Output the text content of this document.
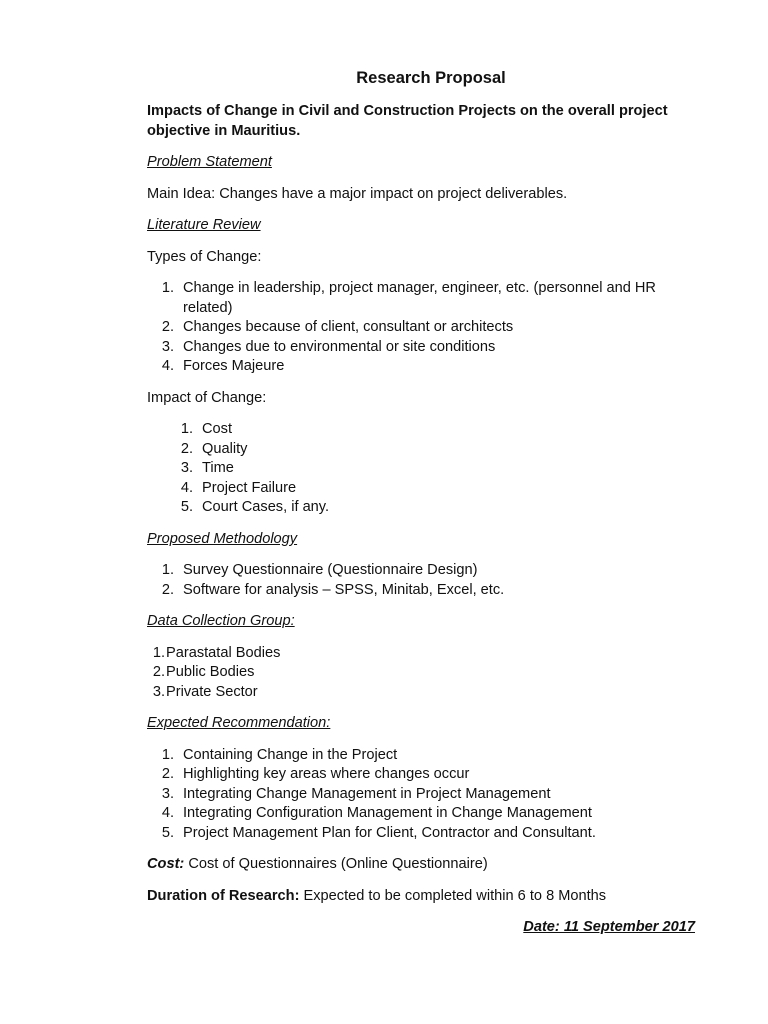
Research Proposal
Impacts of Change in Civil and Construction Projects on the overall project objective in Mauritius.
Problem Statement
Main Idea: Changes have a major impact on project deliverables.
Literature Review
Types of Change:
1. Change in leadership, project manager, engineer, etc. (personnel and HR related)
2. Changes because of client, consultant or architects
3. Changes due to environmental or site conditions
4. Forces Majeure
Impact of Change:
1. Cost
2. Quality
3. Time
4. Project Failure
5. Court Cases, if any.
Proposed Methodology
1. Survey Questionnaire (Questionnaire Design)
2. Software for analysis – SPSS, Minitab, Excel, etc.
Data Collection Group:
1. Parastatal Bodies
2. Public Bodies
3. Private Sector
Expected Recommendation:
1. Containing Change in the Project
2. Highlighting key areas where changes occur
3. Integrating Change Management in Project Management
4. Integrating Configuration Management in Change Management
5. Project Management Plan for Client, Contractor and Consultant.
Cost: Cost of Questionnaires (Online Questionnaire)
Duration of Research: Expected to be completed within 6 to 8 Months
Date: 11 September 2017
